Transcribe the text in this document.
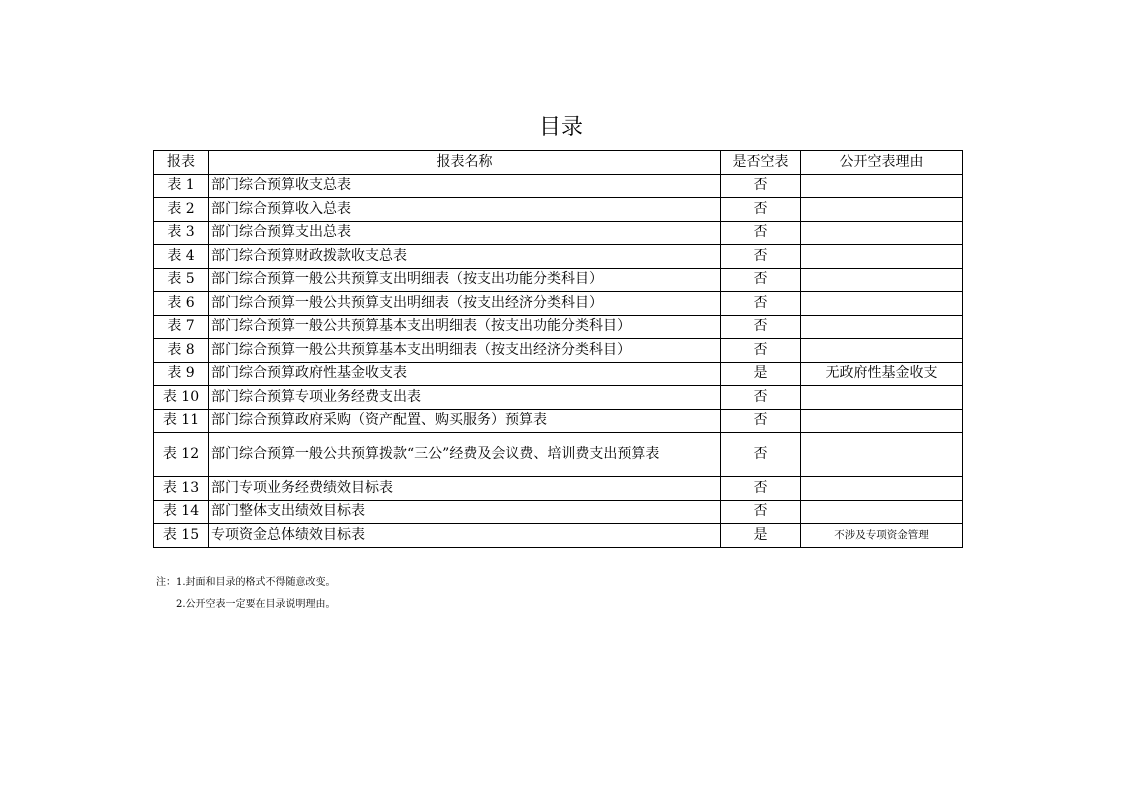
目录
报表	报表名称	是否空表	公开空表理由
表 1	部门综合预算收支总表	否	
表 2	部门综合预算收入总表	否	
表 3	部门综合预算支出总表	否	
表 4	部门综合预算财政拨款收支总表	否	
表 5	部门综合预算一般公共预算支出明细表（按支出功能分类科目）	否	
表 6	部门综合预算一般公共预算支出明细表（按支出经济分类科目）	否	
表 7	部门综合预算一般公共预算基本支出明细表（按支出功能分类科目）	否	
表 8	部门综合预算一般公共预算基本支出明细表（按支出经济分类科目）	否	
表 9	部门综合预算政府性基金收支表	是	无政府性基金收支
表 10	部门综合预算专项业务经费支出表	否	
表 11	部门综合预算政府采购（资产配置、购买服务）预算表	否	
表 12	部门综合预算一般公共预算拨款“三公”经费及会议费、培训费支出预算表	否	
表 13	部门专项业务经费绩效目标表	否	
表 14	部门整体支出绩效目标表	否	
表 15	专项资金总体绩效目标表	是	不涉及专项资金管理
注：1.封面和目录的格式不得随意改变。
2.公开空表一定要在目录说明理由。
